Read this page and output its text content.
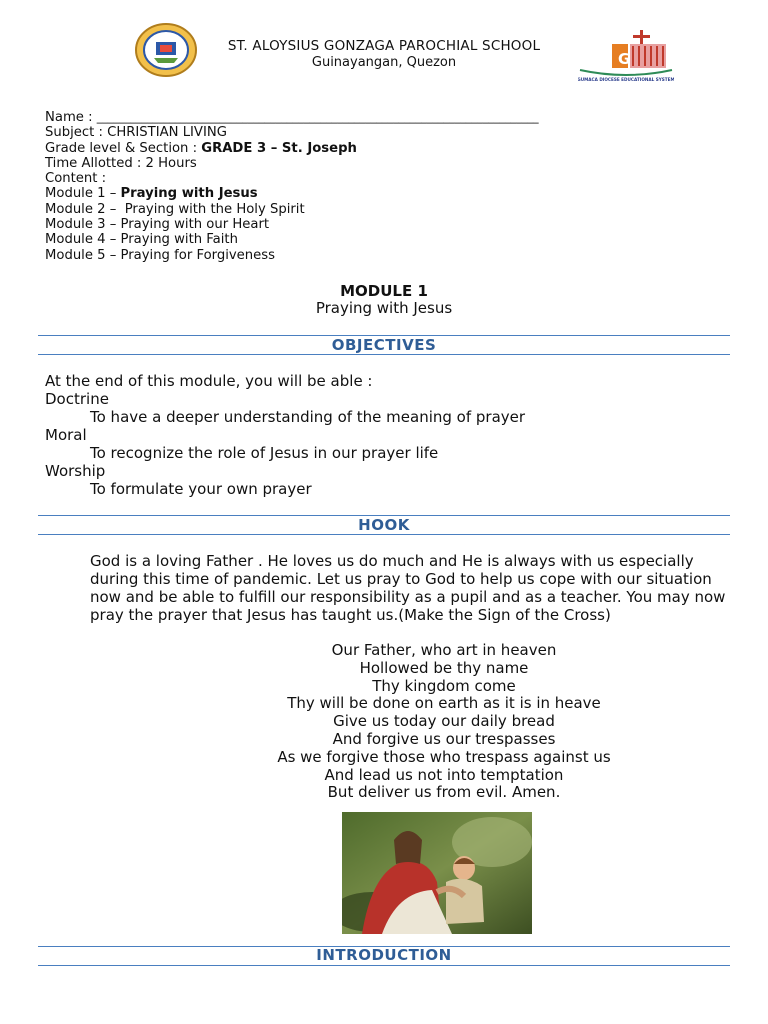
ST. ALOYSIUS GONZAGA PAROCHIAL SCHOOL
Guinayangan, Quezon	G
GUMACA DIOCESE EDUCATIONAL SYSTEM
Name : _______________________________________________________________________________
Subject : CHRISTIAN LIVING
Grade level & Section : GRADE 3 – St. Joseph
Time Allotted : 2 Hours
Content :
Module 1 – Praying with Jesus
Module 2 –  Praying with the Holy Spirit
Module 3 – Praying with our Heart
Module 4 – Praying with Faith
Module 5 – Praying for Forgiveness
MODULE 1
Praying with Jesus
OBJECTIVES
At the end of this module, you will be able :
Doctrine
To have a deeper understanding of the meaning of prayer
Moral
To recognize the role of Jesus in our prayer life
Worship
To formulate your own prayer
HOOK
God is a loving Father . He loves us do much and He is always with us especially during this time of pandemic. Let us pray to God to help us cope with our situation now and be able to fulfill our responsibility as a pupil and as a teacher. You may now pray the prayer that Jesus has taught us.(Make the Sign of the Cross)
Our Father, who art in heaven
Hollowed be thy name
Thy kingdom come
Thy will be done on earth as it is in heave
Give us today our daily bread
And forgive us our trespasses
As we forgive those who trespass against us
And lead us not into temptation
But deliver us from evil. Amen.
INTRODUCTION
